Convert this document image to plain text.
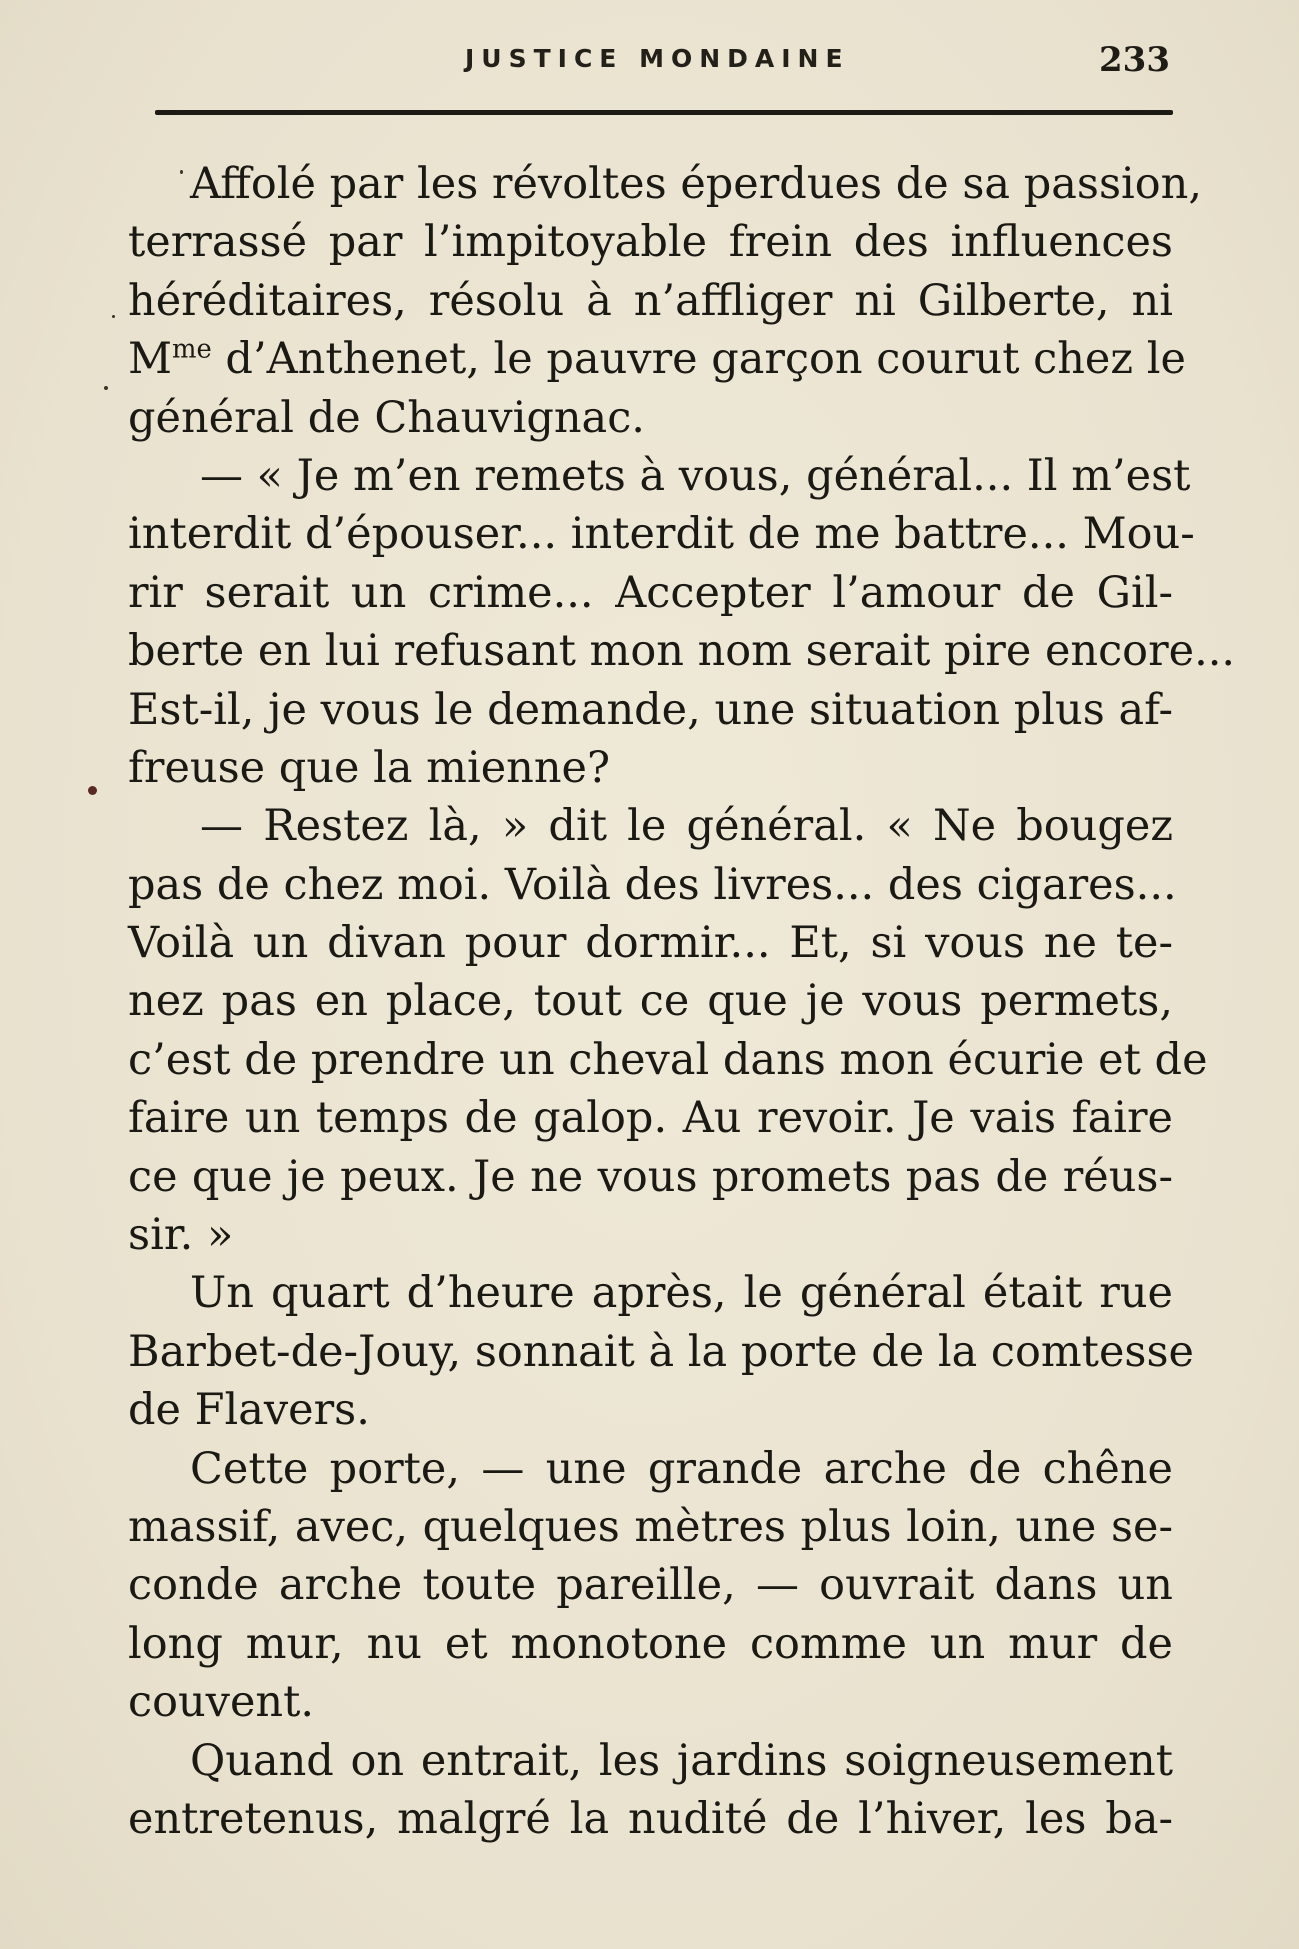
JUSTICE MONDAINE	233
Affolé par les révoltes éperdues de sa passion,
terrassé par l’impitoyable frein des influences
héréditaires, résolu à n’affliger ni Gilberte, ni
$M^{me}$ d’Anthenet, le pauvre garçon courut chez le
général de Chauvignac.
— « Je m’en remets à vous, général... Il m’est
interdit d’épouser... interdit de me battre... Mou-
rir serait un crime... Accepter l’amour de Gil-
berte en lui refusant mon nom serait pire encore...
Est-il, je vous le demande, une situation plus af-
freuse que la mienne?
— Restez là, » dit le général. « Ne bougez
pas de chez moi. Voilà des livres... des cigares...
Voilà un divan pour dormir... Et, si vous ne te-
nez pas en place, tout ce que je vous permets,
c’est de prendre un cheval dans mon écurie et de
faire un temps de galop. Au revoir. Je vais faire
ce que je peux. Je ne vous promets pas de réus-
sir. »
Un quart d’heure après, le général était rue
Barbet-de-Jouy, sonnait à la porte de la comtesse
de Flavers.
Cette porte, — une grande arche de chêne
massif, avec, quelques mètres plus loin, une se-
conde arche toute pareille, — ouvrait dans un
long mur, nu et monotone comme un mur de
couvent.
Quand on entrait, les jardins soigneusement
entretenus, malgré la nudité de l’hiver, les ba-
